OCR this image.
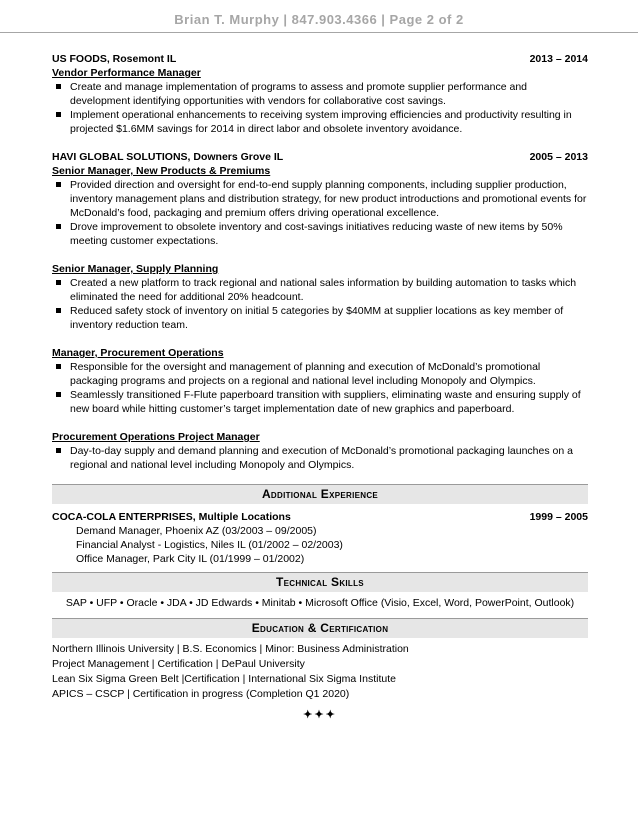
Brian T. Murphy | 847.903.4366 | Page 2 of 2
US FOODS, Rosemont IL	2013 – 2014
Vendor Performance Manager
Create and manage implementation of programs to assess and promote supplier performance and development identifying opportunities with vendors for collaborative cost savings.
Implement operational enhancements to receiving system improving efficiencies and productivity resulting in projected $1.6MM savings for 2014 in direct labor and obsolete inventory avoidance.
HAVI GLOBAL SOLUTIONS, Downers Grove IL	2005 – 2013
Senior Manager, New Products & Premiums
Provided direction and oversight for end-to-end supply planning components, including supplier production, inventory management plans and distribution strategy, for new product introductions and promotional events for McDonald’s food, packaging and premium offers driving operational excellence.
Drove improvement to obsolete inventory and cost-savings initiatives reducing waste of new items by 50% meeting customer expectations.
Senior Manager, Supply Planning
Created a new platform to track regional and national sales information by building automation to tasks which eliminated the need for additional 20% headcount.
Reduced safety stock of inventory on initial 5 categories by $40MM at supplier locations as key member of inventory reduction team.
Manager, Procurement Operations
Responsible for the oversight and management of planning and execution of McDonald’s promotional packaging programs and projects on a regional and national level including Monopoly and Olympics.
Seamlessly transitioned F-Flute paperboard transition with suppliers, eliminating waste and ensuring supply of new board while hitting customer’s target implementation date of new graphics and paperboard.
Procurement Operations Project Manager
Day-to-day supply and demand planning and execution of McDonald’s promotional packaging launches on a regional and national level including Monopoly and Olympics.
Additional Experience
COCA-COLA ENTERPRISES, Multiple Locations	1999 – 2005
Demand Manager, Phoenix AZ (03/2003 – 09/2005)
Financial Analyst - Logistics, Niles IL (01/2002 – 02/2003)
Office Manager, Park City IL (01/1999 – 01/2002)
Technical Skills
SAP • UFP • Oracle • JDA • JD Edwards • Minitab • Microsoft Office (Visio, Excel, Word, PowerPoint, Outlook)
Education & Certification
Northern Illinois University | B.S. Economics | Minor: Business Administration
Project Management | Certification | DePaul University
Lean Six Sigma Green Belt |Certification | International Six Sigma Institute
APICS – CSCP | Certification in progress (Completion Q1 2020)
✦✦✦
